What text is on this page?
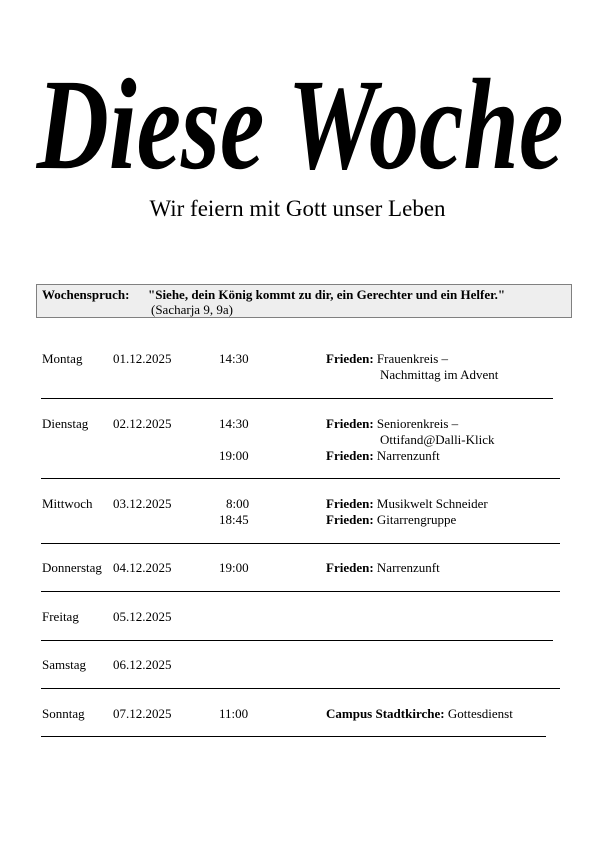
Diese Woche
Wir feiern mit Gott unser Leben
Wochenspruch: "Siehe, dein König kommt zu dir, ein Gerechter und ein Helfer."
(Sacharja 9, 9a)
Montag 01.12.2025	14:30	Frieden: Frauenkreis –
Nachmittag im Advent
Dienstag 02.12.2025	14:30	Frieden: Seniorenkreis –
Ottifand@Dalli-Klick
19:00	Frieden: Narrenzunft
Mittwoch 03.12.2025	8:00	Frieden: Musikwelt Schneider
18:45	Frieden: Gitarrengruppe
Donnerstag 04.12.2025	19:00	Frieden: Narrenzunft
Freitag	05.12.2025
Samstag 06.12.2025
Sonntag 07.12.2025	11:00	Campus Stadtkirche: Gottesdienst
